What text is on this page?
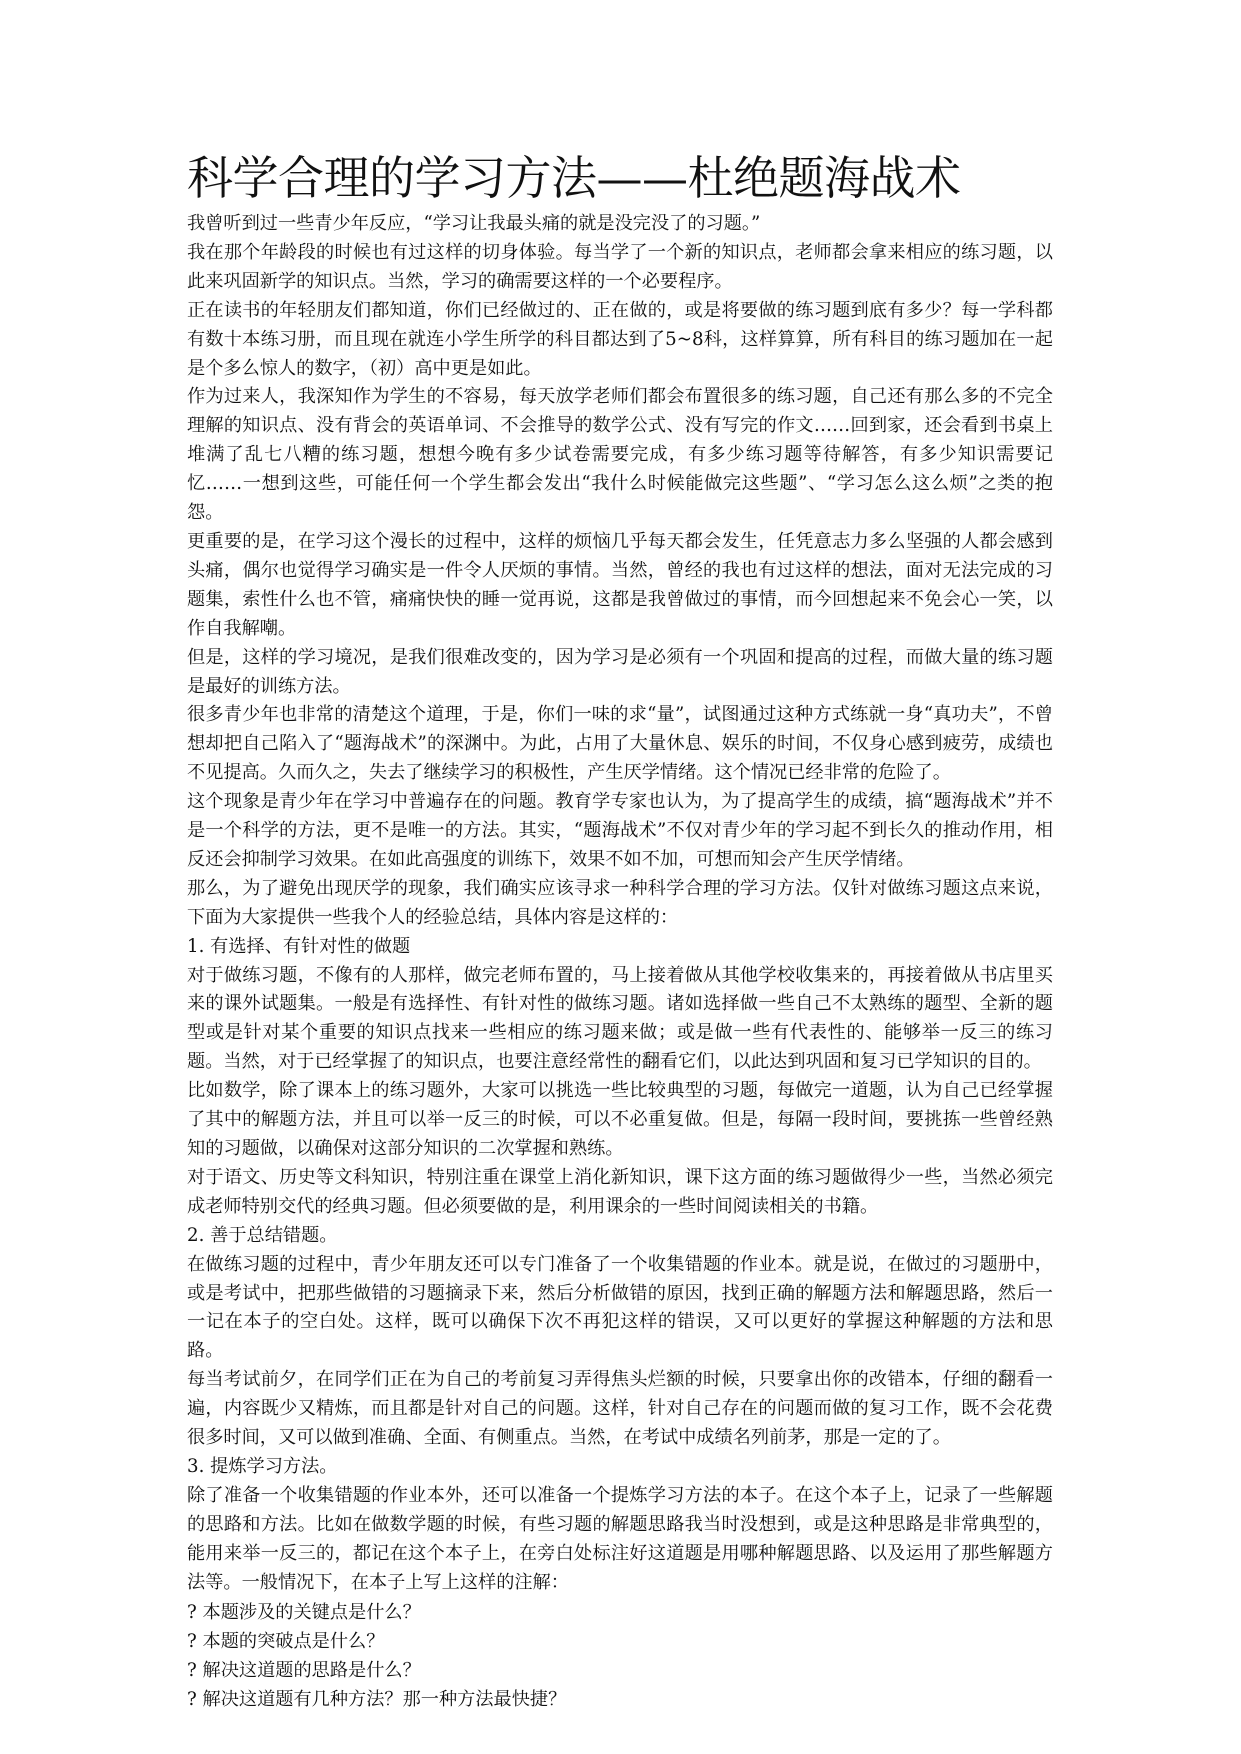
科学合理的学习方法——杜绝题海战术

我曾听到过一些青少年反应，“学习让我最头痛的就是没完没了的习题。”

我在那个年龄段的时候也有过这样的切身体验。每当学了一个新的知识点，老师都会拿来相应的练习题，以此来巩固新学的知识点。当然，学习的确需要这样的一个必要程序。

正在读书的年轻朋友们都知道，你们已经做过的、正在做的，或是将要做的练习题到底有多少？每一学科都有数十本练习册，而且现在就连小学生所学的科目都达到了5~8科，这样算算，所有科目的练习题加在一起是个多么惊人的数字，（初）高中更是如此。

作为过来人，我深知作为学生的不容易，每天放学老师们都会布置很多的练习题，自己还有那么多的不完全理解的知识点、没有背会的英语单词、不会推导的数学公式、没有写完的作文……回到家，还会看到书桌上堆满了乱七八糟的练习题，想想今晚有多少试卷需要完成，有多少练习题等待解答，有多少知识需要记忆……一想到这些，可能任何一个学生都会发出“我什么时候能做完这些题”、“学习怎么这么烦”之类的抱怨。

更重要的是，在学习这个漫长的过程中，这样的烦恼几乎每天都会发生，任凭意志力多么坚强的人都会感到头痛，偶尔也觉得学习确实是一件令人厌烦的事情。当然，曾经的我也有过这样的想法，面对无法完成的习题集，索性什么也不管，痛痛快快的睡一觉再说，这都是我曾做过的事情，而今回想起来不免会心一笑，以作自我解嘲。

但是，这样的学习境况，是我们很难改变的，因为学习是必须有一个巩固和提高的过程，而做大量的练习题是最好的训练方法。

很多青少年也非常的清楚这个道理，于是，你们一味的求“量”，试图通过这种方式练就一身“真功夫”，不曾想却把自己陷入了“题海战术”的深渊中。为此，占用了大量休息、娱乐的时间，不仅身心感到疲劳，成绩也不见提高。久而久之，失去了继续学习的积极性，产生厌学情绪。这个情况已经非常的危险了。

这个现象是青少年在学习中普遍存在的问题。教育学专家也认为，为了提高学生的成绩，搞“题海战术”并不是一个科学的方法，更不是唯一的方法。其实，“题海战术”不仅对青少年的学习起不到长久的推动作用，相反还会抑制学习效果。在如此高强度的训练下，效果不如不加，可想而知会产生厌学情绪。

那么，为了避免出现厌学的现象，我们确实应该寻求一种科学合理的学习方法。仅针对做练习题这点来说，下面为大家提供一些我个人的经验总结，具体内容是这样的：

1. 有选择、有针对性的做题

对于做练习题，不像有的人那样，做完老师布置的，马上接着做从其他学校收集来的，再接着做从书店里买来的课外试题集。一般是有选择性、有针对性的做练习题。诸如选择做一些自己不太熟练的题型、全新的题型或是针对某个重要的知识点找来一些相应的练习题来做；或是做一些有代表性的、能够举一反三的练习题。当然，对于已经掌握了的知识点，也要注意经常性的翻看它们，以此达到巩固和复习已学知识的目的。

比如数学，除了课本上的练习题外，大家可以挑选一些比较典型的习题，每做完一道题，认为自己已经掌握了其中的解题方法，并且可以举一反三的时候，可以不必重复做。但是，每隔一段时间，要挑拣一些曾经熟知的习题做，以确保对这部分知识的二次掌握和熟练。

对于语文、历史等文科知识，特别注重在课堂上消化新知识，课下这方面的练习题做得少一些，当然必须完成老师特别交代的经典习题。但必须要做的是，利用课余的一些时间阅读相关的书籍。

2. 善于总结错题。

在做练习题的过程中，青少年朋友还可以专门准备了一个收集错题的作业本。就是说，在做过的习题册中，或是考试中，把那些做错的习题摘录下来，然后分析做错的原因，找到正确的解题方法和解题思路，然后一一记在本子的空白处。这样，既可以确保下次不再犯这样的错误，又可以更好的掌握这种解题的方法和思路。

每当考试前夕，在同学们正在为自己的考前复习弄得焦头烂额的时候，只要拿出你的改错本，仔细的翻看一遍，内容既少又精炼，而且都是针对自己的问题。这样，针对自己存在的问题而做的复习工作，既不会花费很多时间，又可以做到准确、全面、有侧重点。当然，在考试中成绩名列前茅，那是一定的了。

3. 提炼学习方法。

除了准备一个收集错题的作业本外，还可以准备一个提炼学习方法的本子。在这个本子上，记录了一些解题的思路和方法。比如在做数学题的时候，有些习题的解题思路我当时没想到，或是这种思路是非常典型的，能用来举一反三的，都记在这个本子上，在旁白处标注好这道题是用哪种解题思路、以及运用了那些解题方法等。一般情况下，在本子上写上这样的注解：

? 本题涉及的关键点是什么？

? 本题的突破点是什么？

? 解决这道题的思路是什么？

? 解决这道题有几种方法？那一种方法最快捷？
